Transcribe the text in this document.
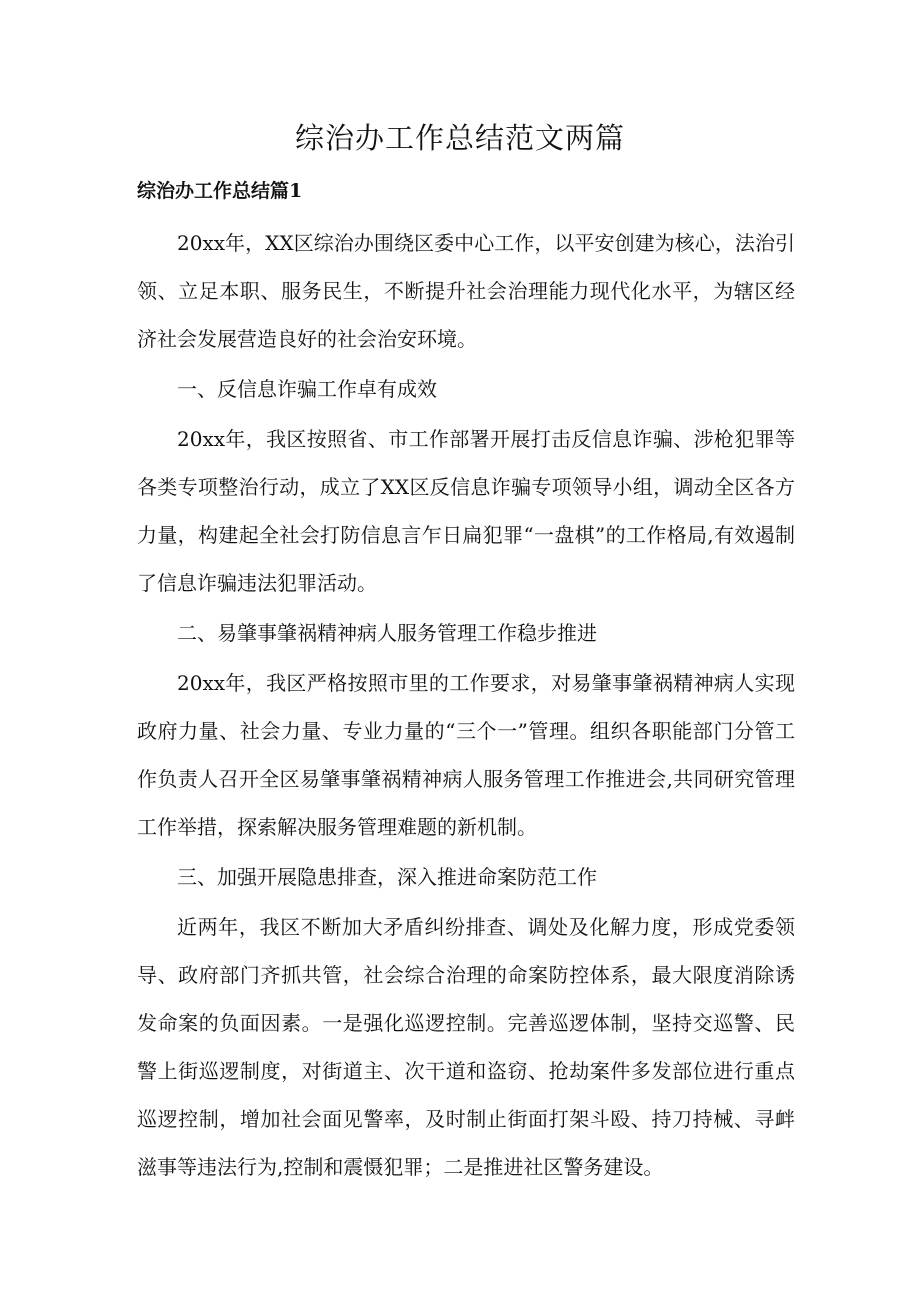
综治办工作总结范文两篇
综治办工作总结篇1

20xx年，XX区综治办围绕区委中心工作，以平安创建为核心，法治引领、立足本职、服务民生，不断提升社会治理能力现代化水平，为辖区经济社会发展营造良好的社会治安环境。

一、反信息诈骗工作卓有成效

20xx年，我区按照省、市工作部署开展打击反信息诈骗、涉枪犯罪等各类专项整治行动，成立了XX区反信息诈骗专项领导小组，调动全区各方力量，构建起全社会打防信息言乍日扁犯罪“一盘棋”的工作格局,有效遏制了信息诈骗违法犯罪活动。

二、易肇事肇祸精神病人服务管理工作稳步推进

20xx年，我区严格按照市里的工作要求，对易肇事肇祸精神病人实现政府力量、社会力量、专业力量的“三个一”管理。组织各职能部门分管工作负责人召开全区易肇事肇祸精神病人服务管理工作推进会,共同研究管理工作举措，探索解决服务管理难题的新机制。

三、加强开展隐患排查，深入推进命案防范工作

近两年，我区不断加大矛盾纠纷排查、调处及化解力度，形成党委领导、政府部门齐抓共管，社会综合治理的命案防控体系，最大限度消除诱发命案的负面因素。一是强化巡逻控制。完善巡逻体制，坚持交巡警、民警上街巡逻制度，对街道主、次干道和盗窃、抢劫案件多发部位进行重点巡逻控制，增加社会面见警率，及时制止街面打架斗殴、持刀持械、寻衅滋事等违法行为,控制和震慑犯罪；二是推进社区警务建设。
